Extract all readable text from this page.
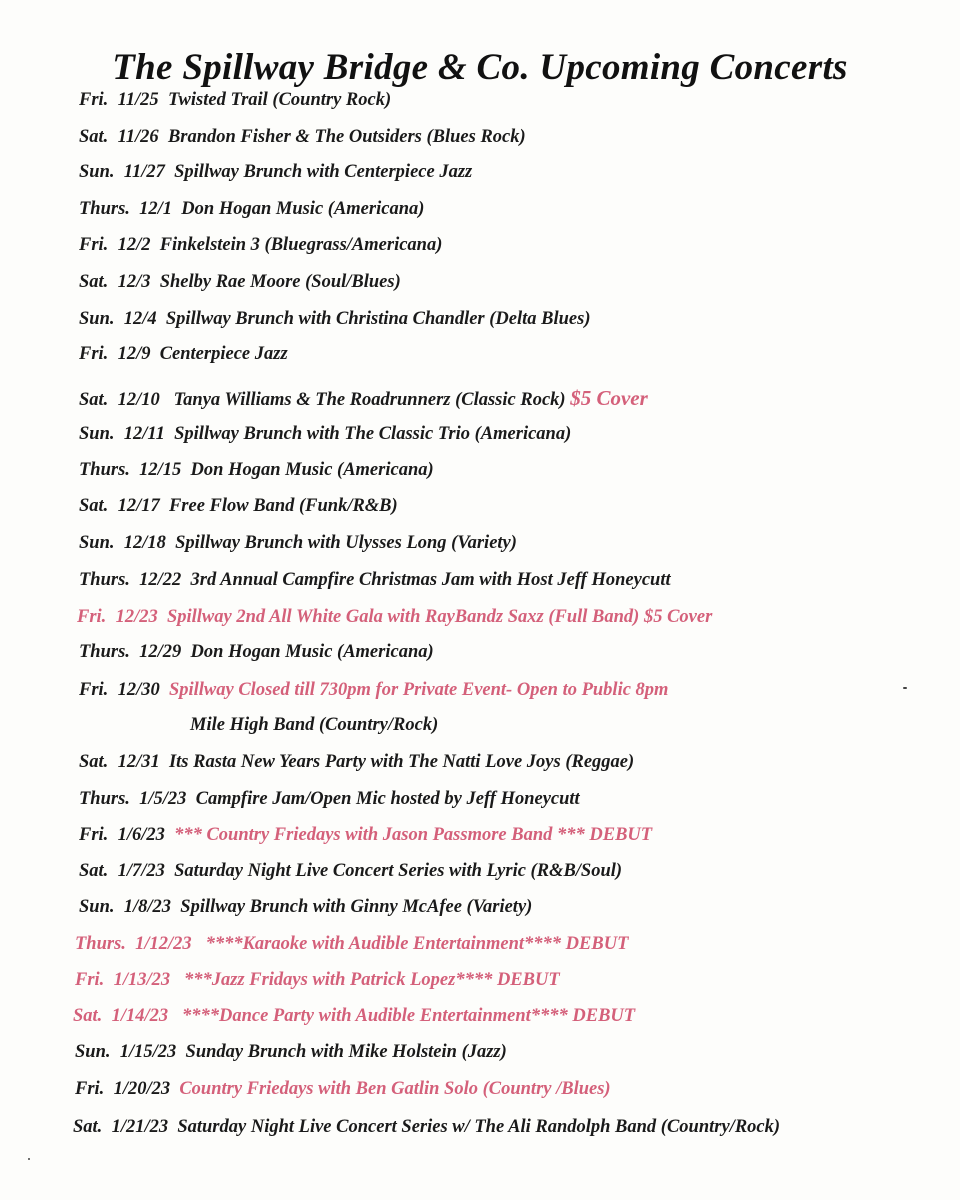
The Spillway Bridge & Co. Upcoming Concerts
Fri. 11/25 Twisted Trail (Country Rock)
Sat. 11/26 Brandon Fisher & The Outsiders (Blues Rock)
Sun. 11/27 Spillway Brunch with Centerpiece Jazz
Thurs. 12/1 Don Hogan Music (Americana)
Fri. 12/2 Finkelstein 3 (Bluegrass/Americana)
Sat. 12/3 Shelby Rae Moore (Soul/Blues)
Sun. 12/4 Spillway Brunch with Christina Chandler (Delta Blues)
Fri. 12/9 Centerpiece Jazz
Sat. 12/10 Tanya Williams & The Roadrunnerz (Classic Rock) $5 Cover
Sun. 12/11 Spillway Brunch with The Classic Trio (Americana)
Thurs. 12/15 Don Hogan Music (Americana)
Sat. 12/17 Free Flow Band (Funk/R&B)
Sun. 12/18 Spillway Brunch with Ulysses Long (Variety)
Thurs. 12/22 3rd Annual Campfire Christmas Jam with Host Jeff Honeycutt
Fri. 12/23 Spillway 2nd All White Gala with RayBandz Saxz (Full Band) $5 Cover
Thurs. 12/29 Don Hogan Music (Americana)
Fri. 12/30 Spillway Closed till 730pm for Private Event- Open to Public 8pm
Mile High Band (Country/Rock)
Sat. 12/31 Its Rasta New Years Party with The Natti Love Joys (Reggae)
Thurs. 1/5/23 Campfire Jam/Open Mic hosted by Jeff Honeycutt
Fri. 1/6/23 *** Country Friedays with Jason Passmore Band *** DEBUT
Sat. 1/7/23 Saturday Night Live Concert Series with Lyric (R&B/Soul)
Sun. 1/8/23 Spillway Brunch with Ginny McAfee (Variety)
Thurs. 1/12/23 ****Karaoke with Audible Entertainment**** DEBUT
Fri. 1/13/23 ***Jazz Fridays with Patrick Lopez**** DEBUT
Sat. 1/14/23 ****Dance Party with Audible Entertainment**** DEBUT
Sun. 1/15/23 Sunday Brunch with Mike Holstein (Jazz)
Fri. 1/20/23 Country Friedays with Ben Gatlin Solo (Country /Blues)
Sat. 1/21/23 Saturday Night Live Concert Series w/ The Ali Randolph Band (Country/Rock)
